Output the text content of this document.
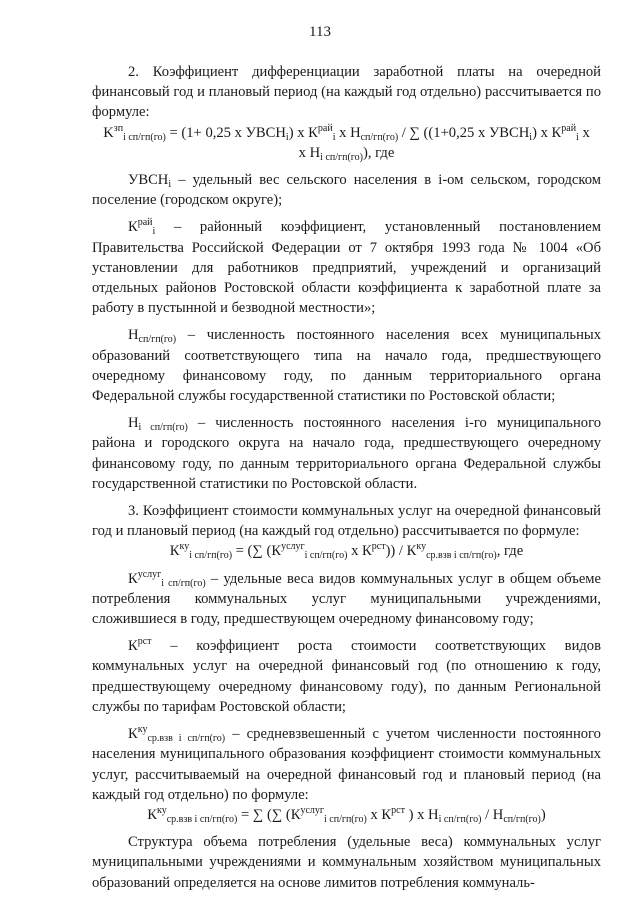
113

2. Коэффициент дифференциации заработной платы на очередной финансовый год и плановый период (на каждый год отдельно) рассчитывается по формуле:

$K^{зп}_{i сп/гп(го)} = (1+ 0,25$ х $УВСН_i$) х $К^{рай}_i$ х $Н_{сп/гп(го)}$ / ∑ ((1+0,25 х $УВСН_i$) х $К^{рай}_i$ х

х $Н_{i сп/гп(го)}$), где

$УВСН_i$ – удельный вес сельского населения в i-ом сельском, городском поселение (городском округе);

$К^{рай}_i$ – районный коэффициент, установленный постановлением Правительства Российской Федерации от 7 октября 1993 года № 1004 «Об установлении для работников предприятий, учреждений и организаций отдельных районов Ростовской области коэффициента к заработной плате за работу в пустынной и безводной местности»;

$Н_{сп/гп(го)}$ – численность постоянного населения всех муниципальных образований соответствующего типа на начало года, предшествующего очередному финансовому году, по данным территориального органа Федеральной службы государственной статистики по Ростовской области;

$Н_{i сп/гп(го)}$ – численность постоянного населения i-го муниципального района и городского округа на начало года, предшествующего очередному финансовому году, по данным территориального органа Федеральной службы государственной статистики по Ростовской области.

3. Коэффициент стоимости коммунальных услуг на очередной финансовый год и плановый период (на каждый год отдельно) рассчитывается по формуле:

$К^{ку}_{i сп/гп(го)}$ = (∑ ($К^{услуг}_{i сп/гп(го)}$ х $К^{рст})) / К^{ку}_{ср.взв i сп/гп(го)}$, где

$К^{услуг}_{i сп/гп(го)}$ – удельные веса видов коммунальных услуг в общем объеме потребления коммунальных услуг муниципальными учреждениями, сложившиеся в году, предшествующем очередному финансовому году;

$К^{рст}$ – коэффициент роста стоимости соответствующих видов коммунальных услуг на очередной финансовый год (по отношению к году, предшествующему очередному финансовому году), по данным Региональной службы по тарифам Ростовской области;

$К^{ку}_{ср.взв i сп/гп(го)}$ – средневзвешенный с учетом численности постоянного населения муниципального образования коэффициент стоимости коммунальных услуг, рассчитываемый на очередной финансовый год и плановый период (на каждый год отдельно) по формуле:

$К^{ку}_{ср.взв i сп/гп(го)}$ = ∑ (∑ ($К^{услуг}_{i сп/гп(го)}$ х $К^{рст}$ ) х $Н_{i сп/гп(го)} / Н_{сп/гп(го)}$)

Структура объема потребления (удельные веса) коммунальных услуг муниципальными учреждениями и коммунальным хозяйством муниципальных образований определяется на основе лимитов потребления коммуналь-
